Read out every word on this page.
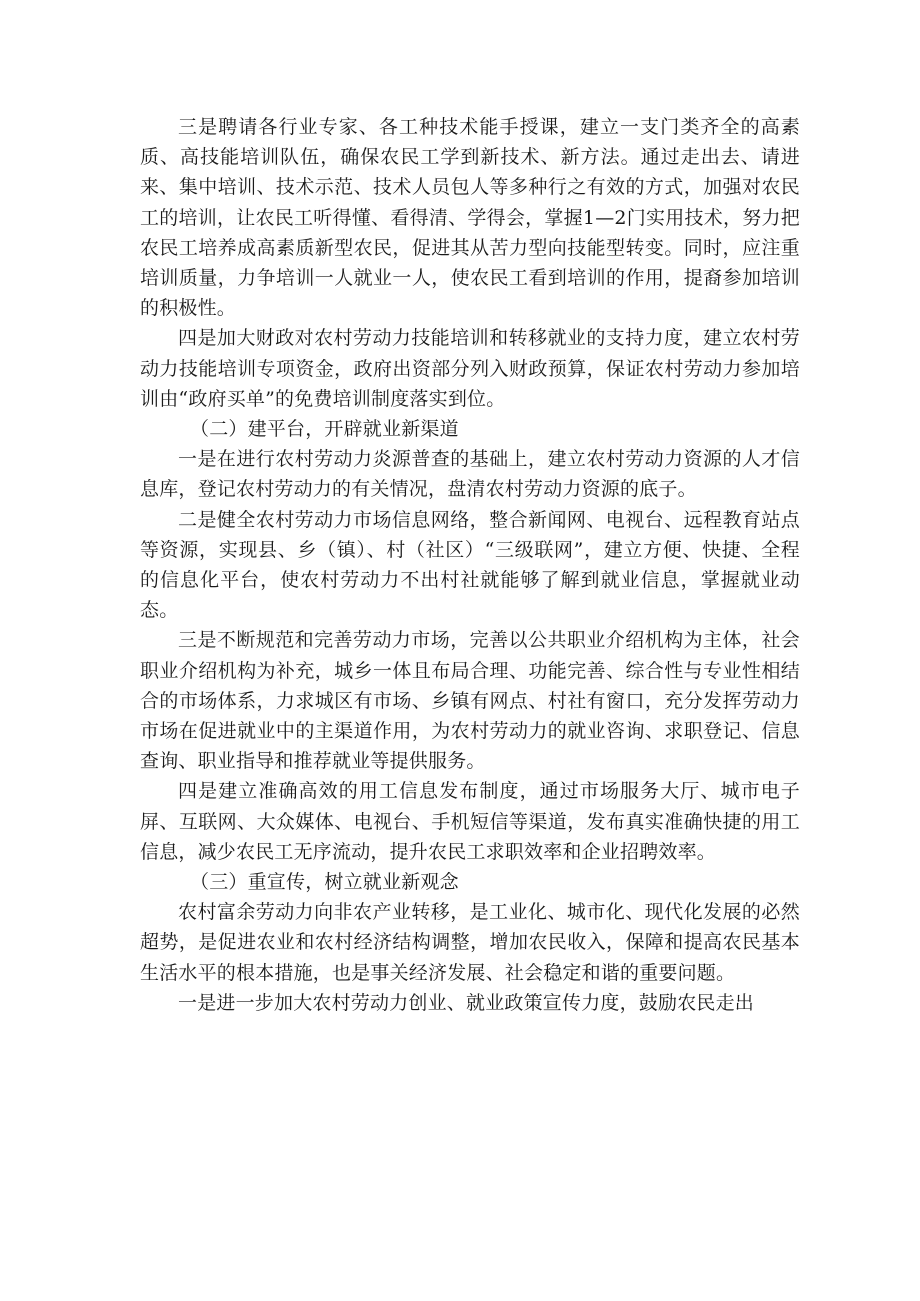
三是聘请各行业专家、各工种技术能手授课，建立一支门类齐全的高素质、高技能培训队伍，确保农民工学到新技术、新方法。通过走出去、请进来、集中培训、技术示范、技术人员包人等多种行之有效的方式，加强对农民工的培训，让农民工听得懂、看得清、学得会，掌握1—2门实用技术，努力把农民工培养成高素质新型农民，促进其从苦力型向技能型转变。同时，应注重培训质量，力争培训一人就业一人，使农民工看到培训的作用，提裔参加培训的积极性。

四是加大财政对农村劳动力技能培训和转移就业的支持力度，建立农村劳动力技能培训专项资金，政府出资部分列入财政预算，保证农村劳动力参加培训由“政府买单”的免费培训制度落实到位。

（二）建平台，开辟就业新渠道

一是在进行农村劳动力炎源普查的基础上，建立农村劳动力资源的人才信息库，登记农村劳动力的有关情况，盘清农村劳动力资源的底子。

二是健全农村劳动力市场信息网络，整合新闻网、电视台、远程教育站点等资源，实现县、乡（镇）、村（社区）“三级联网”，建立方便、快捷、全程的信息化平台，使农村劳动力不出村社就能够了解到就业信息，掌握就业动态。

三是不断规范和完善劳动力市场，完善以公共职业介绍机构为主体，社会职业介绍机构为补充，城乡一体且布局合理、功能完善、综合性与专业性相结合的市场体系，力求城区有市场、乡镇有网点、村社有窗口，充分发挥劳动力市场在促进就业中的主渠道作用，为农村劳动力的就业咨询、求职登记、信息查询、职业指导和推荐就业等提供服务。

四是建立准确高效的用工信息发布制度，通过市场服务大厅、城市电子屏、互联网、大众媒体、电视台、手机短信等渠道，发布真实准确快捷的用工信息，减少农民工无序流动，提升农民工求职效率和企业招聘效率。

（三）重宣传，树立就业新观念

农村富余劳动力向非农产业转移，是工业化、城市化、现代化发展的必然超势，是促进农业和农村经济结构调整，增加农民收入，保障和提高农民基本生活水平的根本措施，也是事关经济发展、社会稳定和谐的重要问题。

一是进一步加大农村劳动力创业、就业政策宣传力度，鼓励农民走出
